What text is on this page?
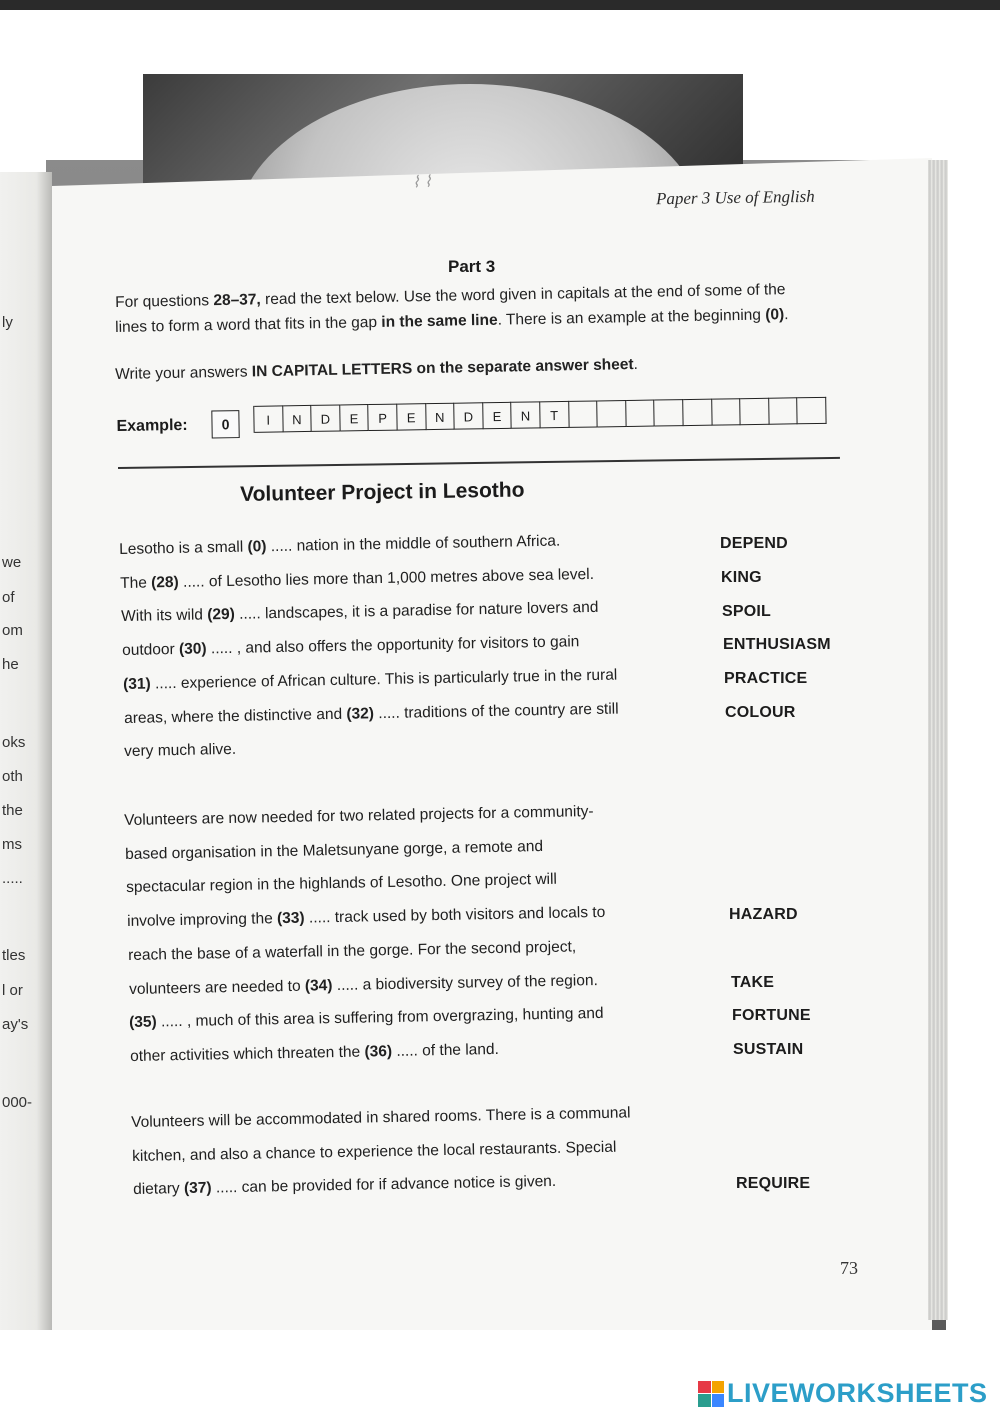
⌇ ⌇
ly
we
of
om
he
oks
oth
the
ms
.....
tles
l or
ay's
000-
Paper 3 Use of English
Part 3
For questions 28–37, read the text below. Use the word given in capitals at the end of some of the
lines to form a word that fits in the gap in the same line. There is an example at the beginning (0).
Write your answers IN CAPITAL LETTERS on the separate answer sheet.
Example:	0	I	N	D	E	P	E	N	D	E	N	T
Volunteer Project in Lesotho
Lesotho is a small (0) ..... nation in the middle of southern Africa.
The (28) ..... of Lesotho lies more than 1,000 metres above sea level.
With its wild (29) ..... landscapes, it is a paradise for nature lovers and
outdoor (30) ..... , and also offers the opportunity for visitors to gain
(31) ..... experience of African culture. This is particularly true in the rural
areas, where the distinctive and (32) ..... traditions of the country are still
very much alive.
Volunteers are now needed for two related projects for a community-
based organisation in the Maletsunyane gorge, a remote and
spectacular region in the highlands of Lesotho. One project will
involve improving the (33) ..... track used by both visitors and locals to
reach the base of a waterfall in the gorge. For the second project,
volunteers are needed to (34) ..... a biodiversity survey of the region.
(35) ..... , much of this area is suffering from overgrazing, hunting and
other activities which threaten the (36) ..... of the land.
Volunteers will be accommodated in shared rooms. There is a communal
kitchen, and also a chance to experience the local restaurants. Special
dietary (37) ..... can be provided for if advance notice is given.
DEPEND
KING
SPOIL
ENTHUSIASM
PRACTICE
COLOUR
HAZARD
TAKE
FORTUNE
SUSTAIN
REQUIRE
73
LIVEWORKSHEETS
